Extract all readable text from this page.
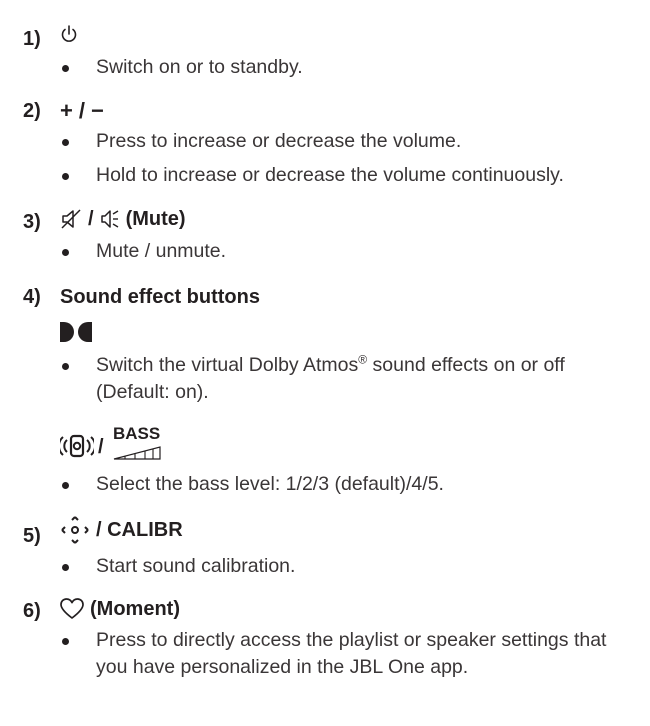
1)
Switch on or to standby.
2) + / −
Press to increase or decrease the volume.
Hold to increase or decrease the volume continuously.
3) / (Mute)
Mute / unmute.
4) Sound effect buttons
Switch the virtual Dolby Atmos® sound effects on or off (Default: on).
/
BASS
Select the bass level: 1/2/3 (default)/4/5.
5)	/ CALIBR
Start sound calibration.
6) (Moment)
Press to directly access the playlist or speaker settings that you have personalized in the JBL One app.
